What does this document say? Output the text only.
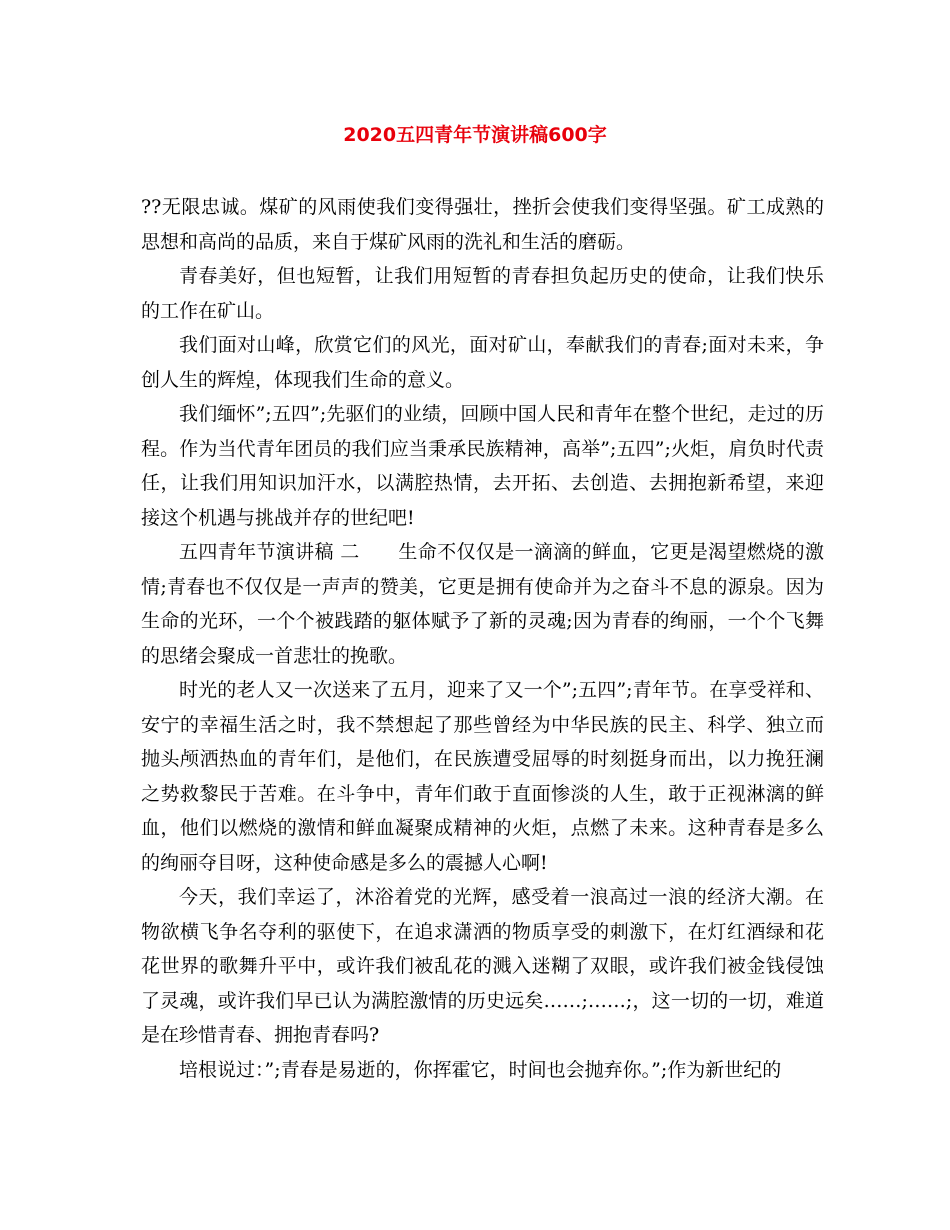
2020五四青年节演讲稿600字

??无限忠诚。煤矿的风雨使我们变得强壮，挫折会使我们变得坚强。矿工成熟的思想和高尚的品质，来自于煤矿风雨的洗礼和生活的磨砺。

青春美好，但也短暂，让我们用短暂的青春担负起历史的使命，让我们快乐的工作在矿山。

我们面对山峰，欣赏它们的风光，面对矿山，奉献我们的青春;面对未来，争创人生的辉煌，体现我们生命的意义。

我们缅怀”;五四”;先驱们的业绩，回顾中国人民和青年在整个世纪，走过的历程。作为当代青年团员的我们应当秉承民族精神，高举”;五四”;火炬，肩负时代责任，让我们用知识加汗水，以满腔热情，去开拓、去创造、去拥抱新希望，来迎接这个机遇与挑战并存的世纪吧!

五四青年节演讲稿 二　　生命不仅仅是一滴滴的鲜血，它更是渴望燃烧的激情;青春也不仅仅是一声声的赞美，它更是拥有使命并为之奋斗不息的源泉。因为生命的光环，一个个被践踏的躯体赋予了新的灵魂;因为青春的绚丽，一个个飞舞的思绪会聚成一首悲壮的挽歌。

时光的老人又一次送来了五月，迎来了又一个”;五四”;青年节。在享受祥和、安宁的幸福生活之时，我不禁想起了那些曾经为中华民族的民主、科学、独立而抛头颅洒热血的青年们，是他们，在民族遭受屈辱的时刻挺身而出，以力挽狂澜之势救黎民于苦难。在斗争中，青年们敢于直面惨淡的人生，敢于正视淋漓的鲜血，他们以燃烧的激情和鲜血凝聚成精神的火炬，点燃了未来。这种青春是多么的绚丽夺目呀，这种使命感是多么的震撼人心啊!

今天，我们幸运了，沐浴着党的光辉，感受着一浪高过一浪的经济大潮。在物欲横飞争名夺利的驱使下，在追求潇洒的物质享受的刺激下，在灯红酒绿和花花世界的歌舞升平中，或许我们被乱花的溅入迷糊了双眼，或许我们被金钱侵蚀了灵魂，或许我们早已认为满腔激情的历史远矣……;……;，这一切的一切，难道是在珍惜青春、拥抱青春吗?

培根说过：”;青春是易逝的，你挥霍它，时间也会抛弃你。”;作为新世纪的
